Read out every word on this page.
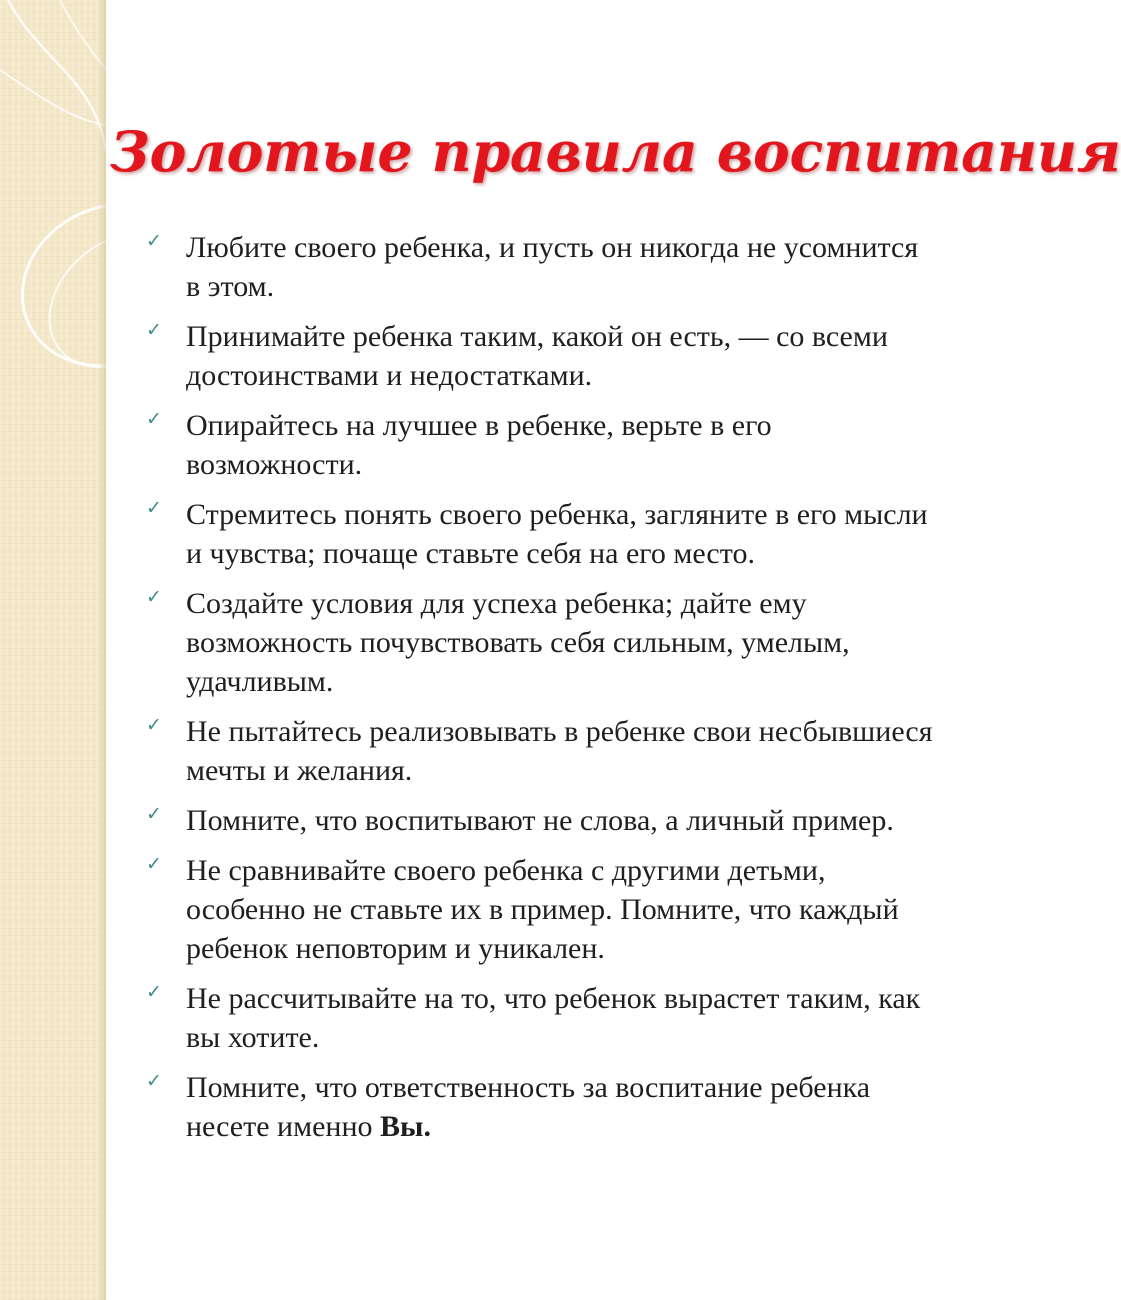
Золотые правила воспитания
✓ Любите своего ребенка, и пусть он никогда не усомнится в этом.
✓ Принимайте ребенка таким, какой он есть, — со всеми достоинствами и недостатками.
✓ Опирайтесь на лучшее в ребенке, верьте в его возможности.
✓ Стремитесь понять своего ребенка, загляните в его мысли и чувства; почаще ставьте себя на его место.
✓ Создайте условия для успеха ребенка; дайте ему возможность почувствовать себя сильным, умелым, удачливым.
✓ Не пытайтесь реализовывать в ребенке свои несбывшиеся мечты и желания.
✓ Помните, что воспитывают не слова, а личный пример.
✓ Не сравнивайте своего ребенка с другими детьми, особенно не ставьте их в пример. Помните, что каждый ребенок неповторим и уникален.
✓ Не рассчитывайте на то, что ребенок вырастет таким, как вы хотите.
✓ Помните, что ответственность за воспитание ребенка несете именно Вы.
